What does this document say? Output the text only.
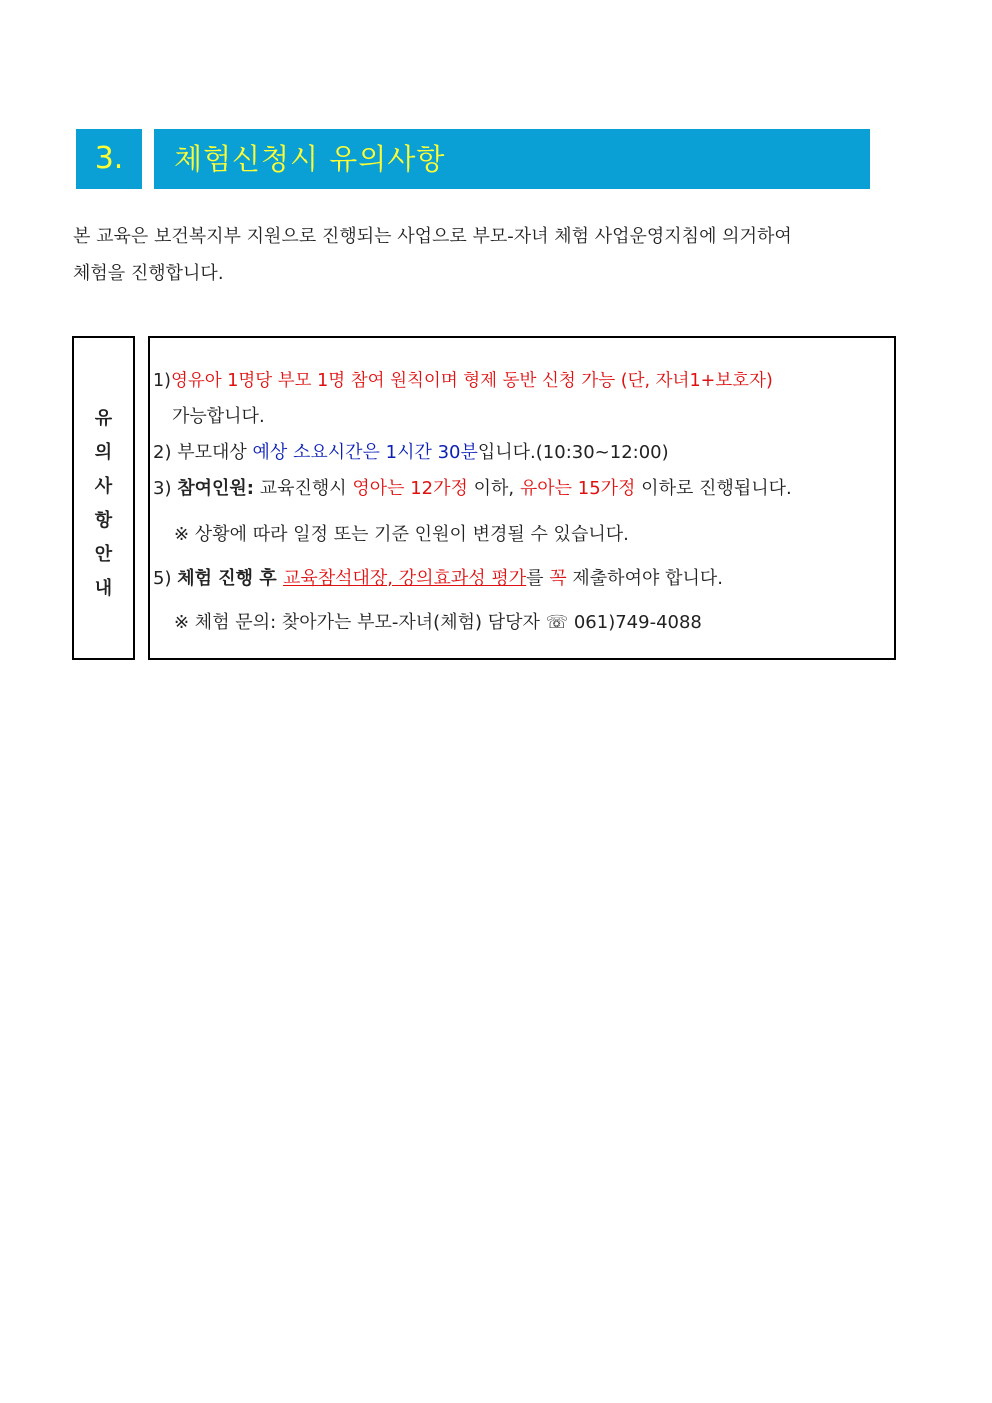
3.	체험신청시 유의사항
본 교육은 보건복지부 지원으로 진행되는 사업으로 부모-자녀 체험 사업운영지침에 의거하여
체험을 진행합니다.
유
의
사
항
안
내
1)영유아 1명당 부모 1명 참여 원칙이며 형제 동반 신청 가능 (단, 자녀1+보호자)
가능합니다.
2) 부모대상 예상 소요시간은 1시간 30분입니다.(10:30~12:00)
3) 참여인원: 교육진행시 영아는 12가정 이하, 유아는 15가정 이하로 진행됩니다.
※ 상황에 따라 일정 또는 기준 인원이 변경될 수 있습니다.
5) 체험 진행 후 교육참석대장, 강의효과성 평가를 꼭 제출하여야 합니다.
※ 체험 문의: 찾아가는 부모-자녀(체험) 담당자 ☏ 061)749-4088
